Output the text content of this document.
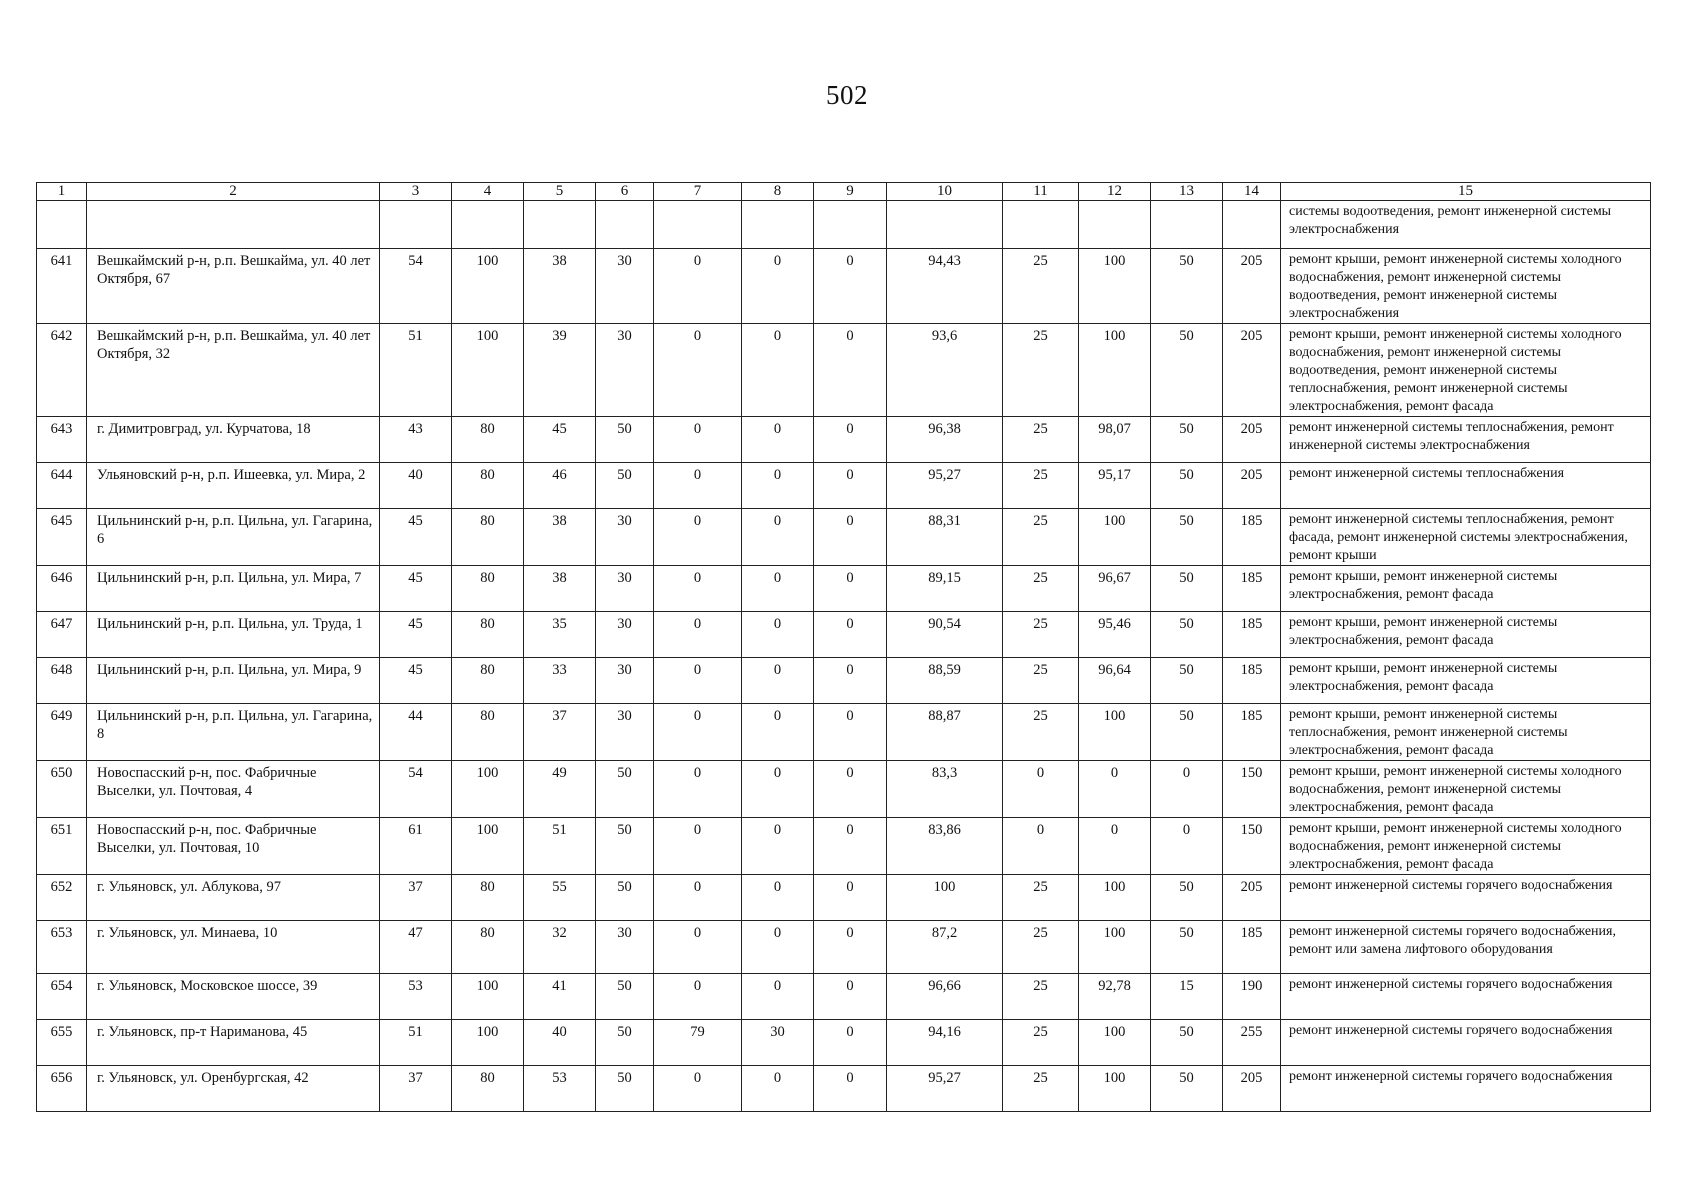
502
1	2	3	4	5	6	7	8	9	10	11	12	13	14	15
														системы водоотведения, ремонт инженерной системы электроснабжения
641	Вешкаймский р-н, р.п. Вешкайма, ул. 40 лет Октября, 67	54	100	38	30	0	0	0	94,43	25	100	50	205	ремонт крыши, ремонт инженерной системы холодного водоснабжения, ремонт инженерной системы водоотведения, ремонт инженерной системы электроснабжения
642	Вешкаймский р-н, р.п. Вешкайма, ул. 40 лет Октября, 32	51	100	39	30	0	0	0	93,6	25	100	50	205	ремонт крыши, ремонт инженерной системы холодного водоснабжения, ремонт инженерной системы водоотведения, ремонт инженерной системы теплоснабжения, ремонт инженерной системы электроснабжения, ремонт фасада
643	г. Димитровград, ул. Курчатова, 18	43	80	45	50	0	0	0	96,38	25	98,07	50	205	ремонт инженерной системы теплоснабжения, ремонт инженерной системы электроснабжения
644	Ульяновский р-н, р.п. Ишеевка, ул. Мира, 2	40	80	46	50	0	0	0	95,27	25	95,17	50	205	ремонт инженерной системы теплоснабжения
645	Цильнинский р-н, р.п. Цильна, ул. Гагарина, 6	45	80	38	30	0	0	0	88,31	25	100	50	185	ремонт инженерной системы теплоснабжения, ремонт фасада, ремонт инженерной системы электроснабжения, ремонт крыши
646	Цильнинский р-н, р.п. Цильна, ул. Мира, 7	45	80	38	30	0	0	0	89,15	25	96,67	50	185	ремонт крыши, ремонт инженерной системы электроснабжения, ремонт фасада
647	Цильнинский р-н, р.п. Цильна, ул. Труда, 1	45	80	35	30	0	0	0	90,54	25	95,46	50	185	ремонт крыши, ремонт инженерной системы электроснабжения, ремонт фасада
648	Цильнинский р-н, р.п. Цильна, ул. Мира, 9	45	80	33	30	0	0	0	88,59	25	96,64	50	185	ремонт крыши, ремонт инженерной системы электроснабжения, ремонт фасада
649	Цильнинский р-н, р.п. Цильна, ул. Гагарина, 8	44	80	37	30	0	0	0	88,87	25	100	50	185	ремонт крыши, ремонт инженерной системы теплоснабжения, ремонт инженерной системы электроснабжения, ремонт фасада
650	Новоспасский р-н, пос. Фабричные Выселки, ул. Почтовая, 4	54	100	49	50	0	0	0	83,3	0	0	0	150	ремонт крыши, ремонт инженерной системы холодного водоснабжения, ремонт инженерной системы электроснабжения, ремонт фасада
651	Новоспасский р-н, пос. Фабричные Выселки, ул. Почтовая, 10	61	100	51	50	0	0	0	83,86	0	0	0	150	ремонт крыши, ремонт инженерной системы холодного водоснабжения, ремонт инженерной системы электроснабжения, ремонт фасада
652	г. Ульяновск, ул. Аблукова, 97	37	80	55	50	0	0	0	100	25	100	50	205	ремонт инженерной системы горячего водоснабжения
653	г. Ульяновск, ул. Минаева, 10	47	80	32	30	0	0	0	87,2	25	100	50	185	ремонт инженерной системы горячего водоснабжения, ремонт или замена лифтового оборудования
654	г. Ульяновск, Московское шоссе, 39	53	100	41	50	0	0	0	96,66	25	92,78	15	190	ремонт инженерной системы горячего водоснабжения
655	г. Ульяновск, пр-т Нариманова, 45	51	100	40	50	79	30	0	94,16	25	100	50	255	ремонт инженерной системы горячего водоснабжения
656	г. Ульяновск, ул. Оренбургская, 42	37	80	53	50	0	0	0	95,27	25	100	50	205	ремонт инженерной системы горячего водоснабжения
